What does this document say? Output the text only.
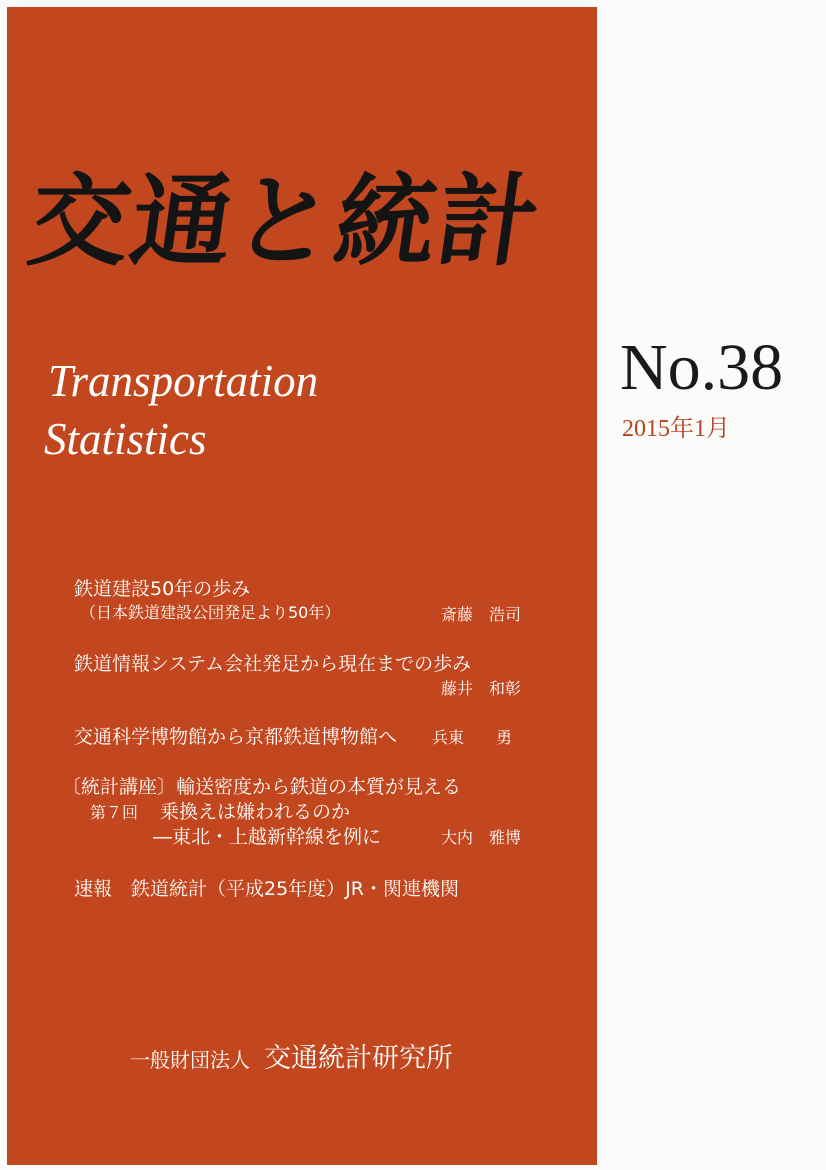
交通と統計
Transportation
Statistics
No.38
2015年1月
鉄道建設50年の歩み
（日本鉄道建設公団発足より50年）	斎藤　浩司
鉄道情報システム会社発足から現在までの歩み
藤井　和彰
交通科学博物館から京都鉄道博物館へ 兵東　　勇
〔統計講座〕輸送密度から鉄道の本質が見える
第７回 乗換えは嫌われるのか
―東北・上越新幹線を例に	大内　雅博
速報　鉄道統計（平成25年度）JR・関連機関
一般財団法人 交通統計研究所
